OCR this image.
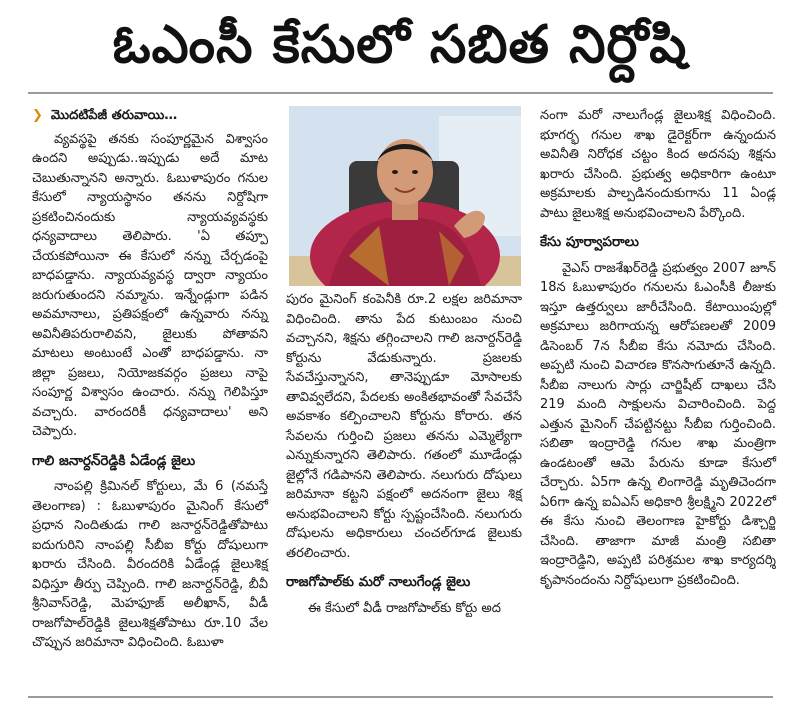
ఓఎంసీ కేసులో సబిత నిర్దోషి
❯ మొదటిపేజీ తరువాయి…

వ్యవస్థపై తనకు సంపూర్ణమైన విశ్వాసం ఉందని అప్పుడు..ఇప్పుడు అదే మాట చెబుతున్నానని అన్నారు. ఓబుళాపురం గనుల కేసులో న్యాయస్థానం తనను నిర్దోషిగా ప్రకటించినందుకు న్యాయవ్యవస్థకు ధన్యవాదాలు తెలిపారు. 'ఏ తప్పూ చేయకపోయినా ఈ కేసులో నన్ను చేర్చడంపై బాధపడ్డాను. న్యాయవ్యవస్థ ద్వారా న్యాయం జరుగుతుందని నమ్మాను. ఇన్నేండ్లుగా పడిన అవమానాలు, ప్రతిపక్షంలో ఉన్నవారు నన్ను అవినీతిపరురాలివని, జైలుకు పోతావని మాటలు అంటుంటే ఎంతో బాధపడ్డాను. నా జిల్లా ప్రజలు, నియోజకవర్గం ప్రజలు నాపై సంపూర్ణ విశ్వాసం ఉంచారు. నన్ను గెలిపిస్తూ వచ్చారు. వారందరికీ ధన్యవాదాలు' అని చెప్పారు.

గాలి జనార్దన్‌రెడ్డికి ఏడేండ్ల జైలు

నాంపల్లి క్రిమినల్ కోర్టులు, మే 6 (నమస్తే తెలంగాణ) : ఓబుళాపురం మైనింగ్ కేసులో ప్రధాన నిందితుడు గాలి జనార్దన్‌రెడ్డితోపాటు ఐదుగురిని నాంపల్లి సీబీఐ కోర్టు దోషులుగా ఖరారు చేసింది. వీరందరికి ఏడేండ్ల జైలుశిక్ష విధిస్తూ తీర్పు చెప్పింది. గాలి జనార్దన్‌రెడ్డి, బీవీ శ్రీనివాస్‌రెడ్డి, మెహఫూజ్ అలీఖాన్, వీడీ రాజగోపాల్‌రెడ్డికి జైలుశిక్షతోపాటు రూ.10 వేల చొప్పున జరిమానా విధించింది. ఓబుళా

పురం మైనింగ్ కంపెనీకి రూ.2 లక్షల జరిమానా విధించింది. తాను పేద కుటుంబం నుంచి వచ్చానని, శిక్షను తగ్గించాలని గాలి జనార్దన్‌రెడ్డి కోర్టును వేడుకున్నారు. ప్రజలకు సేవచేస్తున్నానని, తానెప్పుడూ మోసాలకు తావివ్వలేదని, పేదలకు అంకితభావంతో సేవచేసే అవకాశం కల్పించాలని కోర్టును కోరారు. తన సేవలను గుర్తించి ప్రజలు తనను ఎమ్మెల్యేగా ఎన్నుకున్నారని తెలిపారు. గతంలో మూడేండ్లు జైల్లోనే గడిపానని తెలిపారు. నలుగురు దోషులు జరిమానా కట్టని పక్షంలో అదనంగా జైలు శిక్ష అనుభవించాలని కోర్టు స్పష్టంచేసింది. నలుగురు దోషులను అధికారులు చంచల్‌గూడ జైలుకు తరలించారు.

రాజగోపాల్‌కు మరో నాలుగేండ్ల జైలు

ఈ కేసులో వీడీ రాజగోపాల్‌కు కోర్టు అద

నంగా మరో నాలుగేండ్ల జైలుశిక్ష విధించింది. భూగర్భ గనుల శాఖ డైరెక్టర్‌గా ఉన్నందున అవినీతి నిరోధక చట్టం కింద అదనపు శిక్షను ఖరారు చేసింది. ప్రభుత్వ అధికారిగా ఉంటూ అక్రమాలకు పాల్పడినందుకుగాను 11 ఏండ్ల పాటు జైలుశిక్ష అనుభవించాలని పేర్కొంది.

కేసు పూర్వాపరాలు

వైఎస్ రాజశేఖర్‌రెడ్డి ప్రభుత్వం 2007 జూన్ 18న ఓబుళాపురం గనులను ఓఎంసీకి లీజుకు ఇస్తూ ఉత్తర్వులు జారీచేసింది. కేటాయింపుల్లో అక్రమాలు జరిగాయన్న ఆరోపణలతో 2009 డిసెంబర్ 7న సీబీఐ కేసు నమోదు చేసింది. అప్పటి నుంచి విచారణ కొనసాగుతూనే ఉన్నది. సీబీఐ నాలుగు సార్లు చార్జిషీట్ దాఖలు చేసి 219 మంది సాక్షులను విచారించింది. పెద్ద ఎత్తున మైనింగ్ చేపట్టినట్టు సీబీఐ గుర్తించింది. సబితా ఇంద్రారెడ్డి గనుల శాఖ మంత్రిగా ఉండటంతో ఆమె పేరును కూడా కేసులో చేర్చారు. ఏ5గా ఉన్న లింగారెడ్డి మృతిచెందగా ఏ6గా ఉన్న ఐఏఎస్ అధికారి శ్రీలక్ష్మిని 2022లో ఈ కేసు నుంచి తెలంగాణ హైకోర్టు డిశ్చార్జి చేసింది. తాజాగా మాజీ మంత్రి సబితా ఇంద్రారెడ్డిని, అప్పటి పరిశ్రమల శాఖ కార్యదర్శి కృపానందంను నిర్దోషులుగా ప్రకటించింది.
